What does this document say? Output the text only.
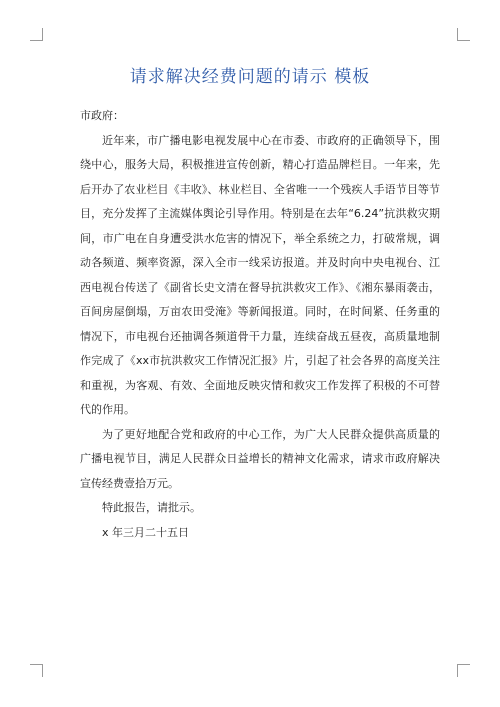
请求解决经费问题的请示 模板

市政府：

近年来，市广播电影电视发展中心在市委、市政府的正确领导下，围绕中心，服务大局，积极推进宣传创新，精心打造品牌栏目。一年来，先后开办了农业栏目《丰收》、林业栏目、全省唯一一个残疾人手语节目等节目，充分发挥了主流媒体舆论引导作用。特别是在去年“6.24”抗洪救灾期间，市广电在自身遭受洪水危害的情况下，举全系统之力，打破常规，调动各频道、频率资源，深入全市一线采访报道。并及时向中央电视台、江西电视台传送了《副省长史文清在督导抗洪救灾工作》、《湘东暴雨袭击，百间房屋倒塌，万亩农田受淹》等新闻报道。同时，在时间紧、任务重的情况下，市电视台还抽调各频道骨干力量，连续奋战五昼夜，高质量地制作完成了《xx市抗洪救灾工作情况汇报》片，引起了社会各界的高度关注和重视，为客观、有效、全面地反映灾情和救灾工作发挥了积极的不可替代的作用。

为了更好地配合党和政府的中心工作，为广大人民群众提供高质量的广播电视节目，满足人民群众日益增长的精神文化需求，请求市政府解决宣传经费壹拾万元。

特此报告，请批示。

x 年三月二十五日
